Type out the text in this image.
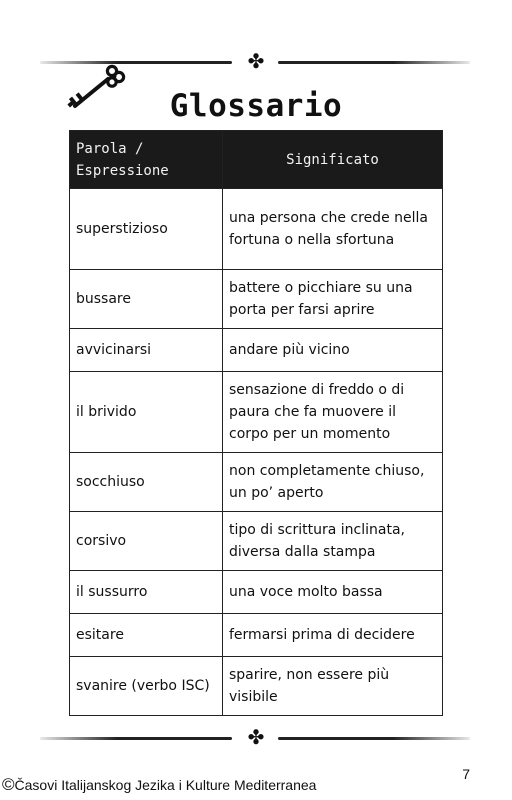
✤
Glossario
Parola /
Espressione	Significato
superstizioso	una persona che crede nella fortuna o nella sfortuna
bussare	battere o picchiare su una porta per farsi aprire
avvicinarsi	andare più vicino
il brivido	sensazione di freddo o di paura che fa muovere il corpo per un momento
socchiuso	non completamente chiuso, un po’ aperto
corsivo	tipo di scrittura inclinata, diversa dalla stampa
il sussurro	una voce molto bassa
esitare	fermarsi prima di decidere
svanire (verbo ISC)	sparire, non essere più visibile
✤
©Časovi Italijanskog Jezika i Kulture Mediterranea
7
